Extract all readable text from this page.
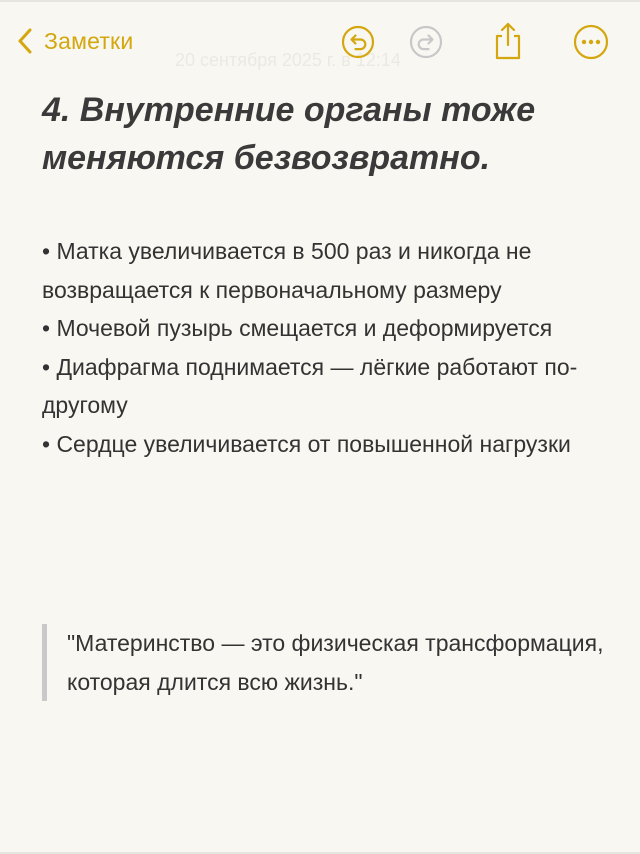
Заметки
20 сентября 2025 г. в 12:14
4. Внутренние органы тоже меняются безвозвратно.
• Матка увеличивается в 500 раз и никогда не возвращается к первоначальному размеру
• Мочевой пузырь смещается и деформируется
• Диафрагма поднимается — лёгкие работают по-другому
• Сердце увеличивается от повышенной нагрузки
"Материнство — это физическая трансформация, которая длится всю жизнь."
